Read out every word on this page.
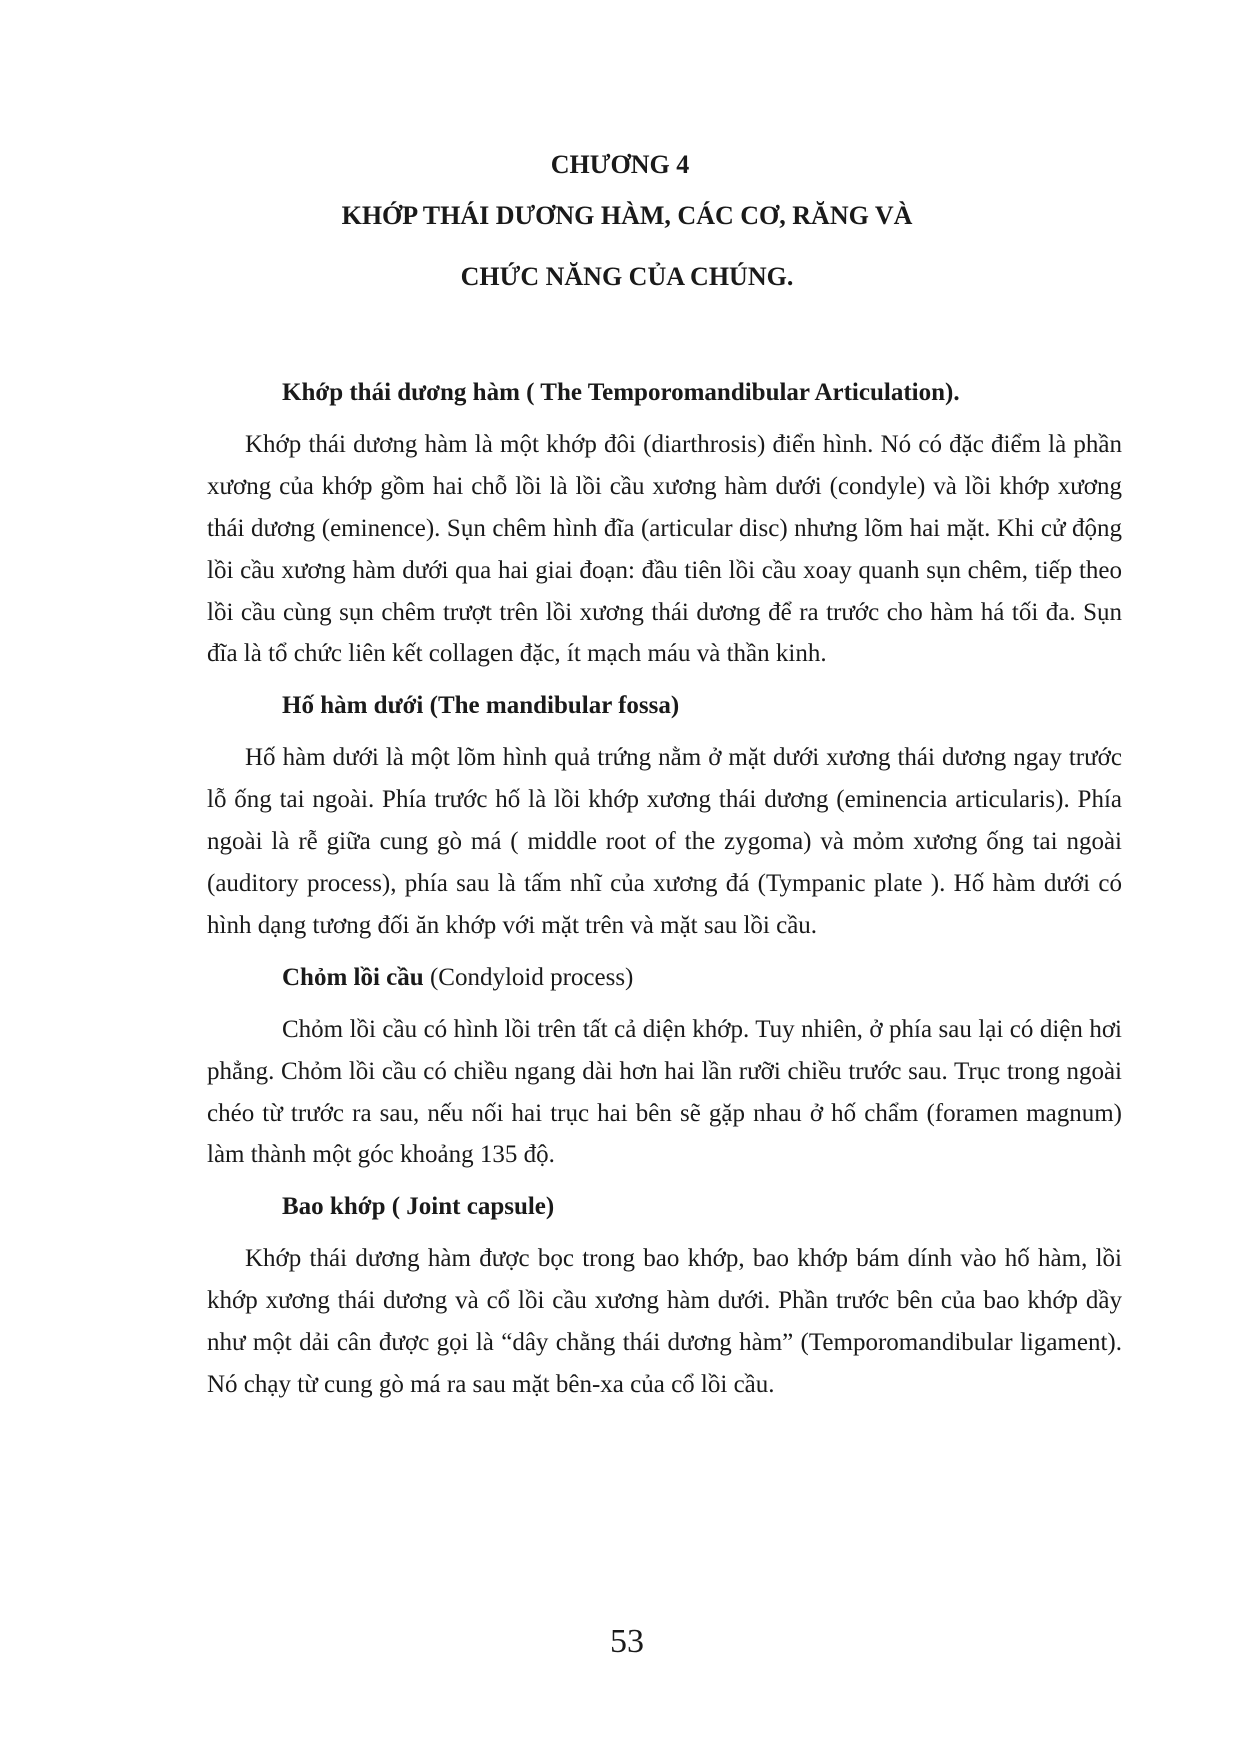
CHƯƠNG 4
KHỚP THÁI DƯƠNG HÀM, CÁC CƠ, RĂNG VÀ
CHỨC NĂNG CỦA CHÚNG.

Khớp thái dương hàm ( The Temporomandibular Articulation).

Khớp thái dương hàm là một khớp đôi (diarthrosis) điển hình. Nó có đặc điểm là phần xương của khớp gồm hai chỗ lồi là lồi cầu xương hàm dưới (condyle) và lồi khớp xương thái dương (eminence). Sụn chêm hình đĩa (articular disc) nhưng lõm hai mặt. Khi cử động lồi cầu xương hàm dưới qua hai giai đoạn: đầu tiên lồi cầu xoay quanh sụn chêm, tiếp theo lồi cầu cùng sụn chêm trượt trên lồi xương thái dương để ra trước cho hàm há tối đa. Sụn đĩa là tổ chức liên kết collagen đặc, ít mạch máu và thần kinh.

Hố hàm dưới (The mandibular fossa)

Hố hàm dưới là một lõm hình quả trứng nằm ở mặt dưới xương thái dương ngay trước lỗ ống tai ngoài. Phía trước hố là lồi khớp xương thái dương (eminencia articularis). Phía ngoài là rễ giữa cung gò má ( middle root of the zygoma) và mỏm xương ống tai ngoài (auditory process), phía sau là tấm nhĩ của xương đá (Tympanic plate ). Hố hàm dưới có hình dạng tương đối ăn khớp với mặt trên và mặt sau lồi cầu.

Chỏm lồi cầu (Condyloid process)

Chỏm lồi cầu có hình lồi trên tất cả diện khớp. Tuy nhiên, ở phía sau lại có diện hơi phẳng. Chỏm lồi cầu có chiều ngang dài hơn hai lần rưỡi chiều trước sau. Trục trong ngoài chéo từ trước ra sau, nếu nối hai trục hai bên sẽ gặp nhau ở hố chẩm (foramen magnum) làm thành một góc khoảng 135 độ.

Bao khớp ( Joint capsule)

Khớp thái dương hàm được bọc trong bao khớp, bao khớp bám dính vào hố hàm, lồi khớp xương thái dương và cổ lồi cầu xương hàm dưới. Phần trước bên của bao khớp dầy như một dải cân được gọi là “dây chằng thái dương hàm” (Temporomandibular ligament). Nó chạy từ cung gò má ra sau mặt bên-xa của cổ lồi cầu.

53
